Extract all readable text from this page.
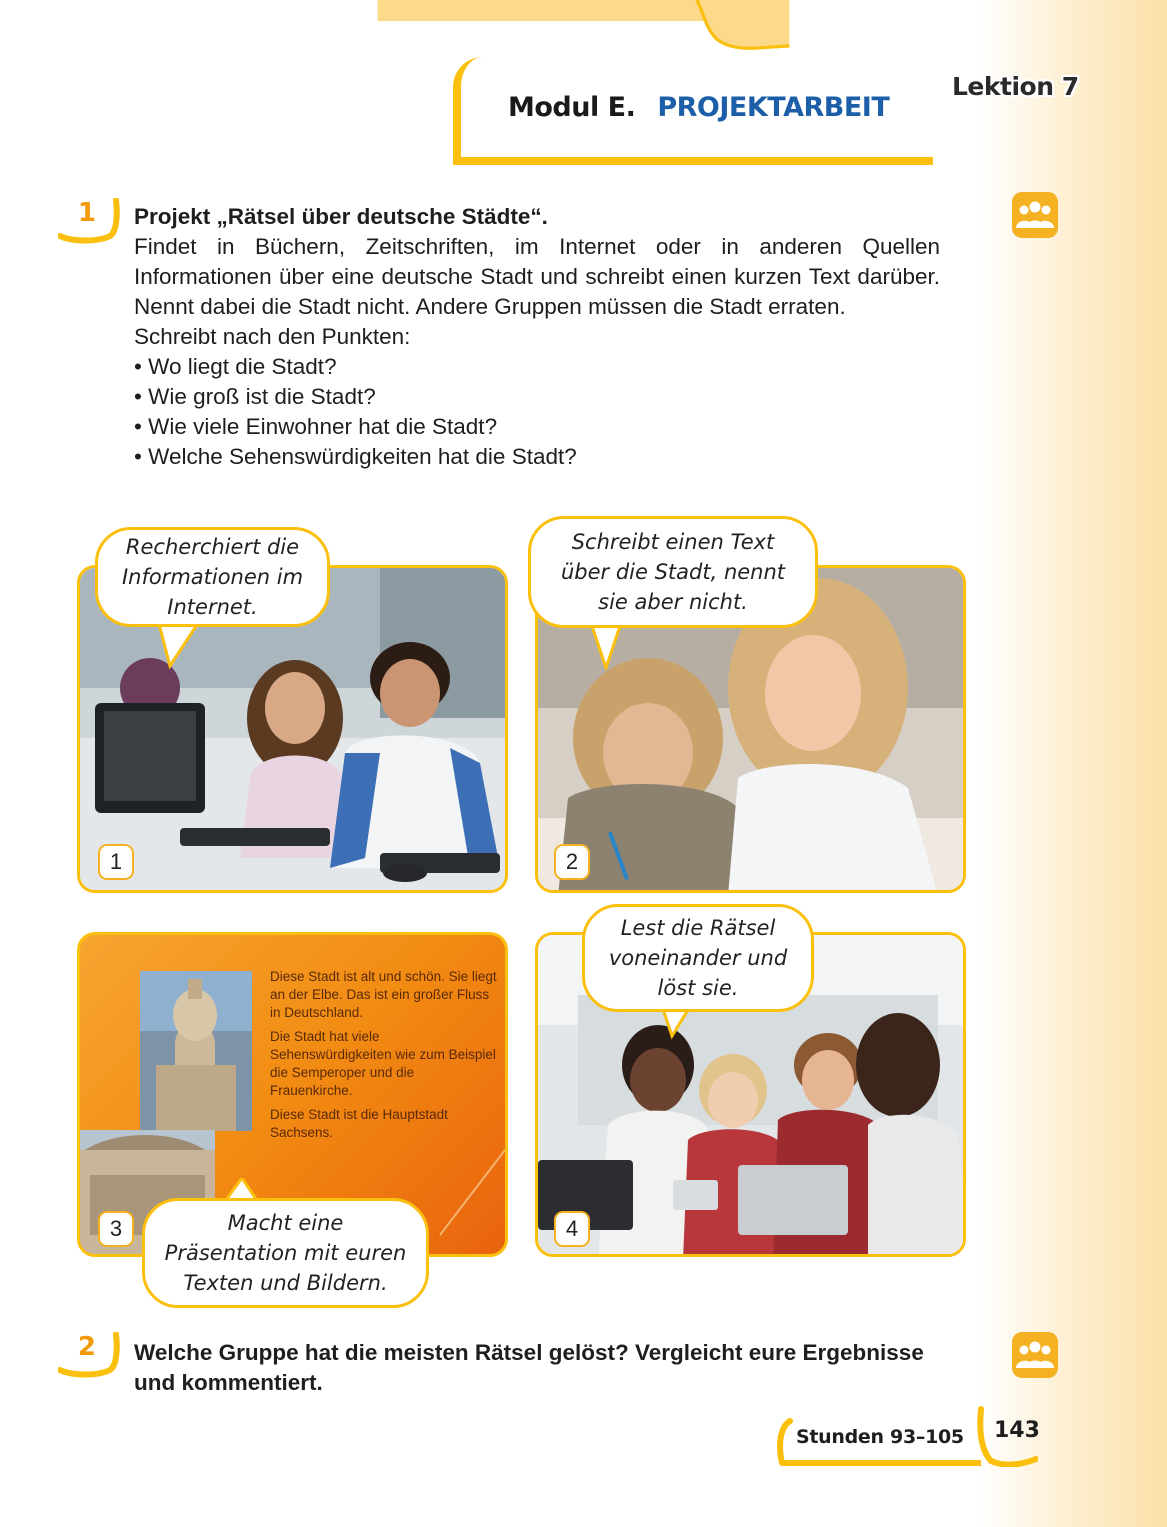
Modul E. PROJEKTARBEIT
Lektion 7
1 Projekt „Rätsel über deutsche Städte“.

Findet in Büchern, Zeitschriften, im Internet oder in anderen Quellen Informationen über eine deutsche Stadt und schreibt einen kurzen Text darüber. Nennt dabei die Stadt nicht. Andere Gruppen müssen die Stadt erraten.

Schreibt nach den Punkten:

• Wo liegt die Stadt?

• Wie groß ist die Stadt?

• Wie viele Einwohner hat die Stadt?

• Welche Sehenswürdigkeiten hat die Stadt?

1	2
3

Diese Stadt ist alt und schön. Sie liegt an der Elbe. Das ist ein großer Fluss in Deutschland.

Die Stadt hat viele Sehenswürdigkeiten wie zum Beispiel die Semperoper und die Frauenkirche.

Diese Stadt ist die Hauptstadt Sachsens.

4
Recherchiert die
Informationen im
Internet.
Schreibt einen Text
über die Stadt, nennt
sie aber nicht.
Macht eine
Präsentation mit euren
Texten und Bildern.
Lest die Rätsel
voneinander und
löst sie.
2 Welche Gruppe hat die meisten Rätsel gelöst? Vergleicht eure Ergebnisse und kommentiert.
Stunden 93–105 143
